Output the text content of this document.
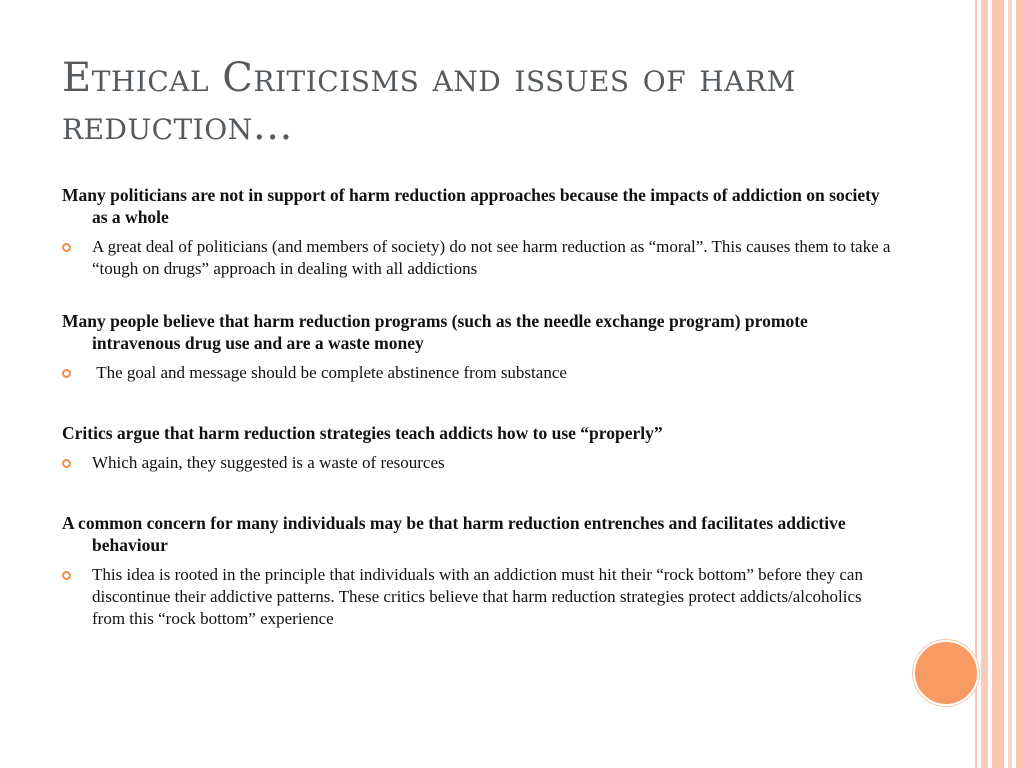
Ethical Criticisms and issues of harm reduction…

Many politicians are not in support of harm reduction approaches because the impacts of addiction on society as a whole

A great deal of politicians (and members of society) do not see harm reduction as “moral”. This causes them to take a “tough on drugs” approach in dealing with all addictions

Many people believe that harm reduction programs (such as the needle exchange program) promote intravenous drug use and are a waste money

The goal and message should be complete abstinence from substance

Critics argue that harm reduction strategies teach addicts how to use “properly”

Which again, they suggested is a waste of resources

A common concern for many individuals may be that harm reduction entrenches and facilitates addictive behaviour

This idea is rooted in the principle that individuals with an addiction must hit their “rock bottom” before they can discontinue their addictive patterns. These critics believe that harm reduction strategies protect addicts/alcoholics from this “rock bottom” experience
